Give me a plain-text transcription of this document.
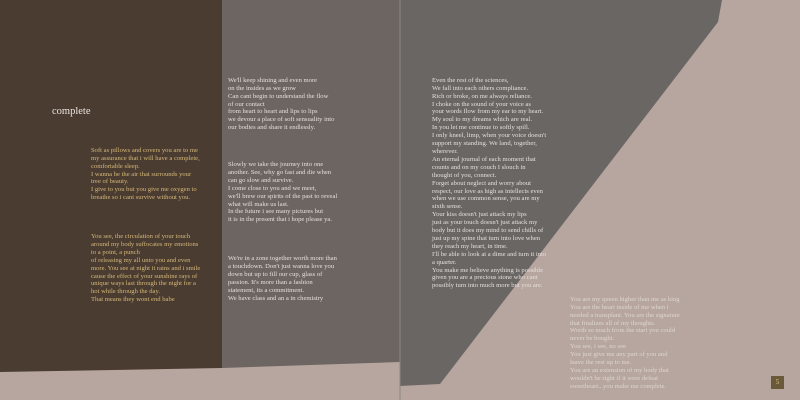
complete

Soft as pillows and covers you are to me
my assurance that i will have a complete,
comfortable sleep.
I wanna be the air that surrounds your
tree of beauty.
I give to you but you give me oxygen to
breathe so i cant survive without you.

You see, the circulation of your touch
around my body suffocates my emotions
to a point, a punch
of releasing my all unto you and even
more. You see at night it rains and i smile
cause the effect of your sunshine rays of
unique ways last through the night for a
hot while through the day.
That means they wont end babe

We'll keep shining and even more
on the insides as we grow
Can cant begin to understand the flow
of our contact
from heart to heart and lips to lips
we devour a place of soft sensuality into
our bodies and share it endlessly.

Slowly we take the journey into one
another. See, why go fast and die when
can go slow and survive.
I come close to you and we meet,
we'll brew our spirits of the past to reveal
what will make us last.
In the future i see many pictures but
it is in the present that i hope please ya.

We're in a zone together worth more than
a touchdown. Don't just wanna love you
down but up to fill our cup, glass of
passion. It's more than a fashion
statement, its a commitment.
We have class and an a in chemistry

Even the rest of the sciences,
We fall into each others compliance.
Rich or broke, on me always reliance.
I choke on the sound of your voice as
your words flow from my ear to my heart.
My soul to my dreams which are real.
In you let me continue to softly spill.
I only kneel, limp, when your voice doesn't
support my standing. We land, together,
wherever.
An eternal journal of each moment that
counts and on my couch I slouch in
thought of you, connect.
Forget about neglect and worry about
respect, our love as high as intellects even
when we use common sense, you are my
sixth sense.
Your kiss doesn't just attack my lips
just as your touch doesn't just attack my
body but it does my mind to send chills of
just up my spine that turn into love when
they reach my heart, in time.
I'll be able to look at a dime and turn it into
a quarter.
You make me believe anything is possible
given you are a precious stone who cant
possibly turn into much more but you are.

You are my queen higher than me as king
You are the heart inside of me when i
needed a transplant. You are the signature
that finalizes all of my thoughts.
Worth so much from the start you could
never be bought.
You see, i see, no see
You just give me any part of you and
leave the rest up to me.
You are an extension of my body that
wouldn't be right if it were defeat
sweetheart...you make me complete.

5
